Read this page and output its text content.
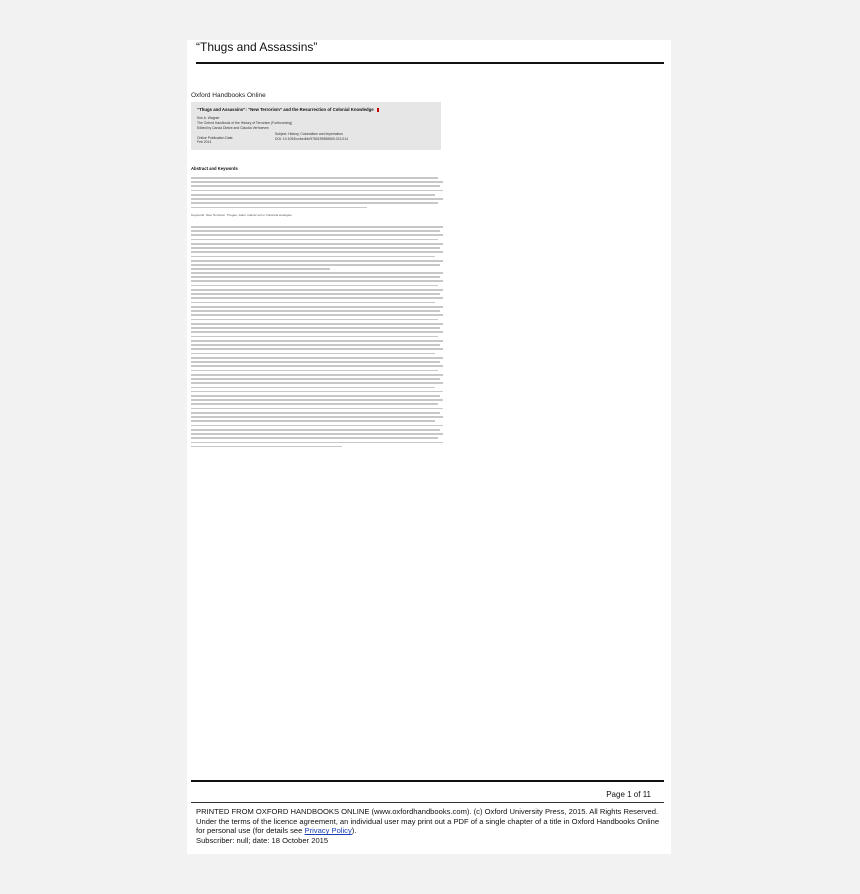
“Thugs and Assassins”
Oxford Handbooks Online
“Thugs and Assassins”: “New Terrorism” and the Resurrection of Colonial Knowledge
Kim A. Wagner
The Oxford Handbook of the History of Terrorism (Forthcoming)
Edited by Carola Dietze and Claudia Verhoeven
Online Publication Date: Feb 2014
Subject: History, Colonialism and Imperialism
DOI: 10.1093/oxfordhb/9780199858569.013.014
Abstract and Keywords
Keywords: New Terrorism, Thugee, Islam, Islamic terror, historical analogies
Page 1 of 11
PRINTED FROM OXFORD HANDBOOKS ONLINE (www.oxfordhandbooks.com). (c) Oxford University Press, 2015. All Rights Reserved. Under the terms of the licence agreement, an individual user may print out a PDF of a single chapter of a title in Oxford Handbooks Online for personal use (for details see Privacy Policy).
Subscriber: null; date: 18 October 2015
